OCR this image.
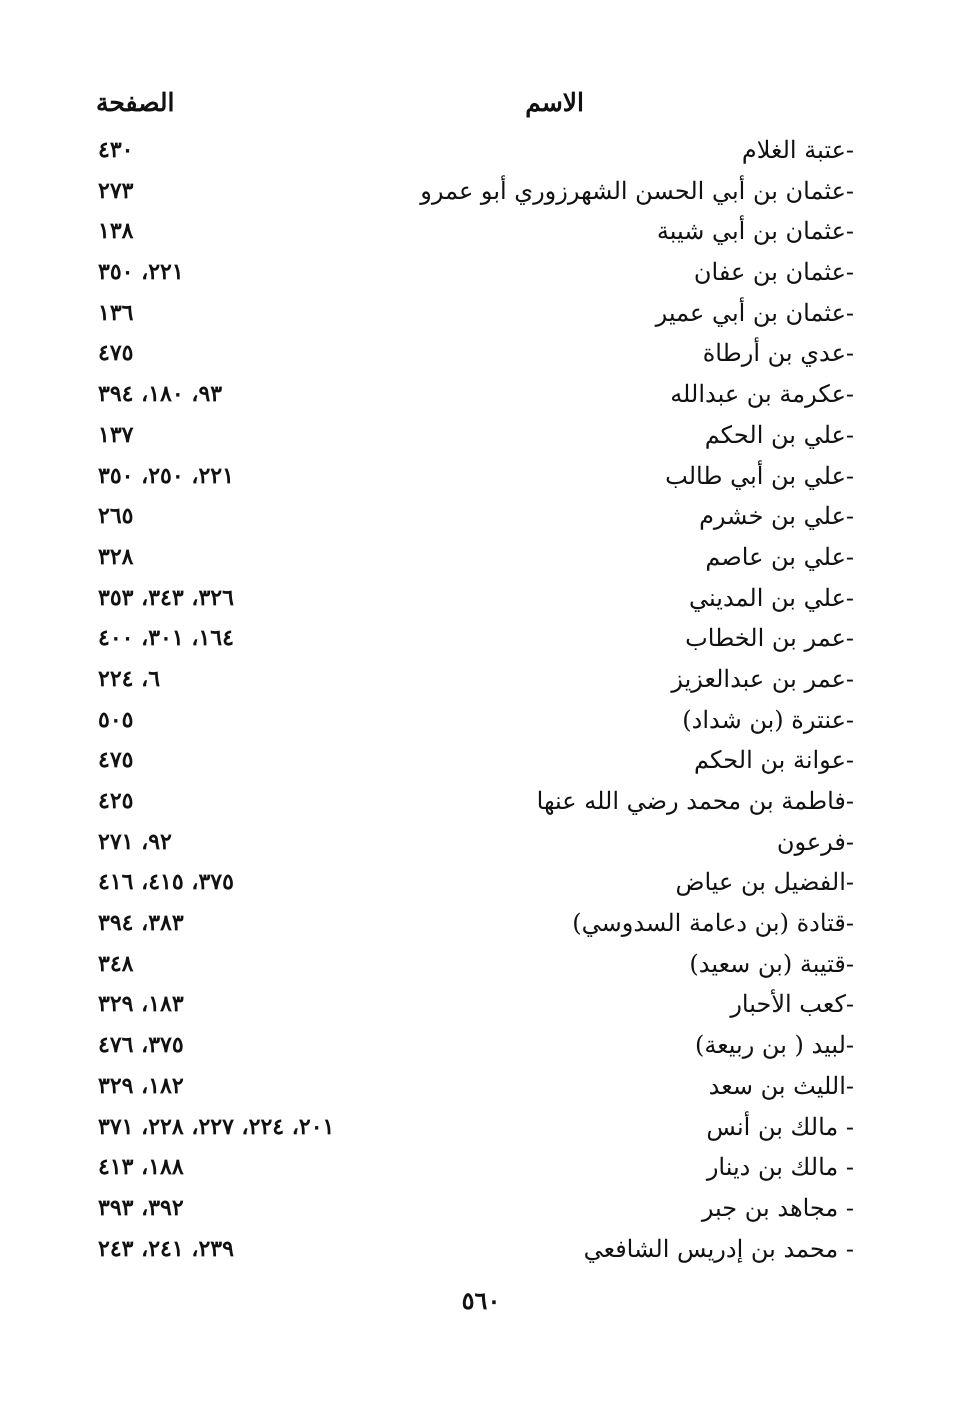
الاسم
الصفحة
-عتبة الغلام
٤٣٠
-عثمان بن أبي الحسن الشهرزوري أبو عمرو
٢٧٣
-عثمان بن أبي شيبة
١٣٨
-عثمان بن عفان
٢٢١، ٣٥٠
-عثمان بن أبي عمير
١٣٦
-عدي بن أرطاة
٤٧٥
-عكرمة بن عبدالله
٩٣، ١٨٠، ٣٩٤
-علي بن الحكم
١٣٧
-علي بن أبي طالب
٢٢١، ٢٥٠، ٣٥٠
-علي بن خشرم
٢٦٥
-علي بن عاصم
٣٢٨
-علي بن المديني
٣٢٦، ٣٤٣، ٣٥٣
-عمر بن الخطاب
١٦٤، ٣٠١، ٤٠٠
-عمر بن عبدالعزيز
٦، ٢٢٤
-عنترة (بن شداد)
٥٠٥
-عوانة بن الحكم
٤٧٥
-فاطمة بن محمد رضي الله عنها
٤٢٥
-فرعون
٩٢، ٢٧١
-الفضيل بن عياض
٣٧٥، ٤١٥، ٤١٦
-قتادة (بن دعامة السدوسي)
٣٨٣، ٣٩٤
-قتيبة (بن سعيد)
٣٤٨
-كعب الأحبار
١٨٣، ٣٢٩
-لبيد ( بن ربيعة)
٣٧٥، ٤٧٦
-الليث بن سعد
١٨٢، ٣٢٩
- مالك بن أنس
٢٠١، ٢٢٤، ٢٢٧، ٢٢٨، ٣٧١
- مالك بن دينار
١٨٨، ٤١٣
- مجاهد بن جبر
٣٩٢، ٣٩٣
- محمد بن إدريس الشافعي
٢٣٩، ٢٤١، ٢٤٣
٥٦٠
